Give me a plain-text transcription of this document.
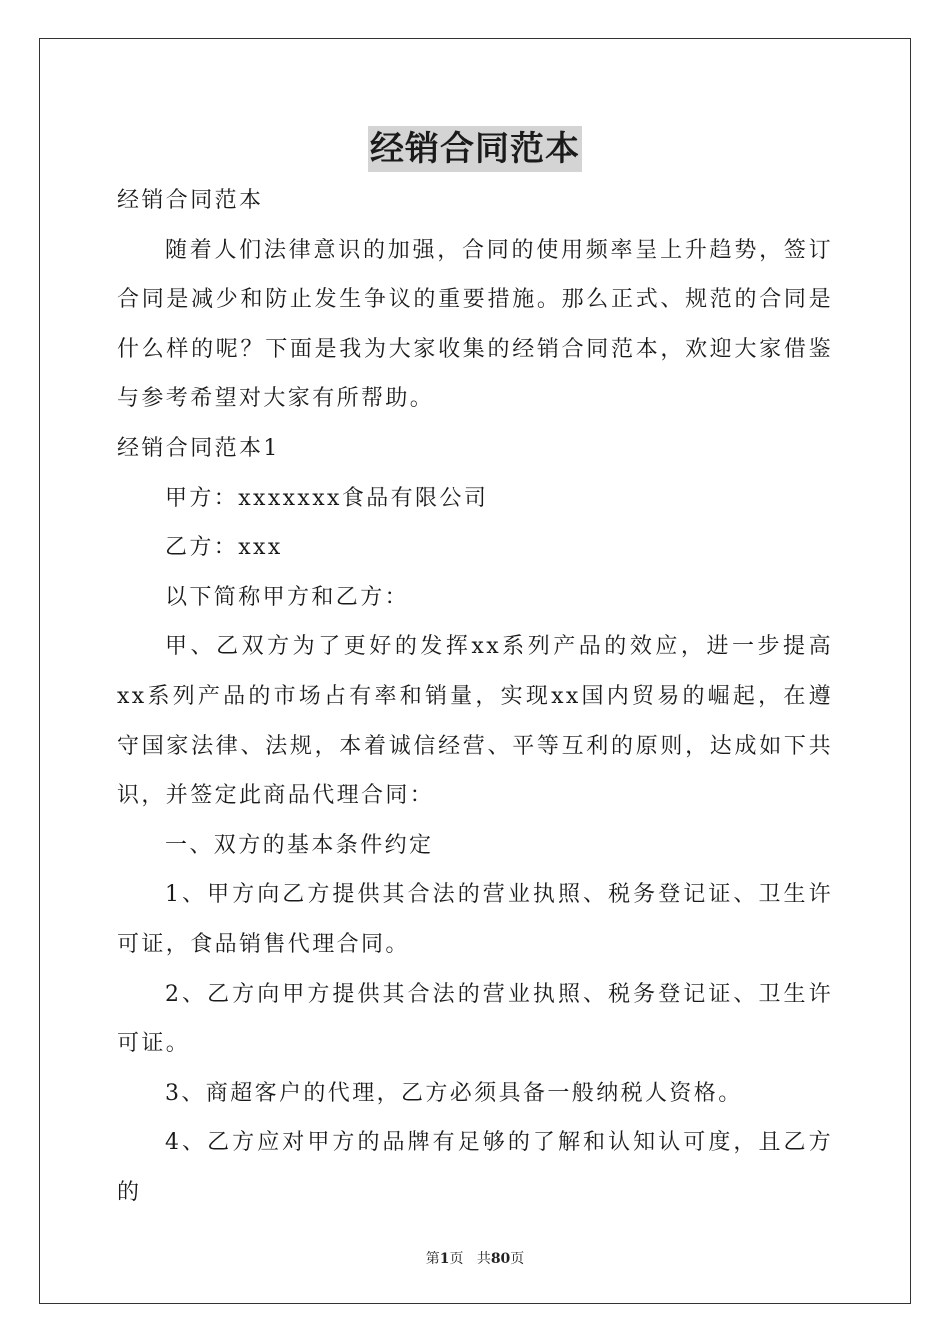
经销合同范本

经销合同范本

随着人们法律意识的加强，合同的使用频率呈上升趋势，签订合同是减少和防止发生争议的重要措施。那么正式、规范的合同是什么样的呢？下面是我为大家收集的经销合同范本，欢迎大家借鉴与参考希望对大家有所帮助。

经销合同范本1

甲方：xxxxxxx食品有限公司

乙方：xxx

以下简称甲方和乙方：

甲、乙双方为了更好的发挥xx系列产品的效应，进一步提高xx系列产品的市场占有率和销量，实现xx国内贸易的崛起，在遵守国家法律、法规，本着诚信经营、平等互利的原则，达成如下共识，并签定此商品代理合同：

一、双方的基本条件约定

1、甲方向乙方提供其合法的营业执照、税务登记证、卫生许可证，食品销售代理合同。

2、乙方向甲方提供其合法的营业执照、税务登记证、卫生许可证。

3、商超客户的代理，乙方必须具备一般纳税人资格。

4、乙方应对甲方的品牌有足够的了解和认知认可度，且乙方的

第1页 共80页
